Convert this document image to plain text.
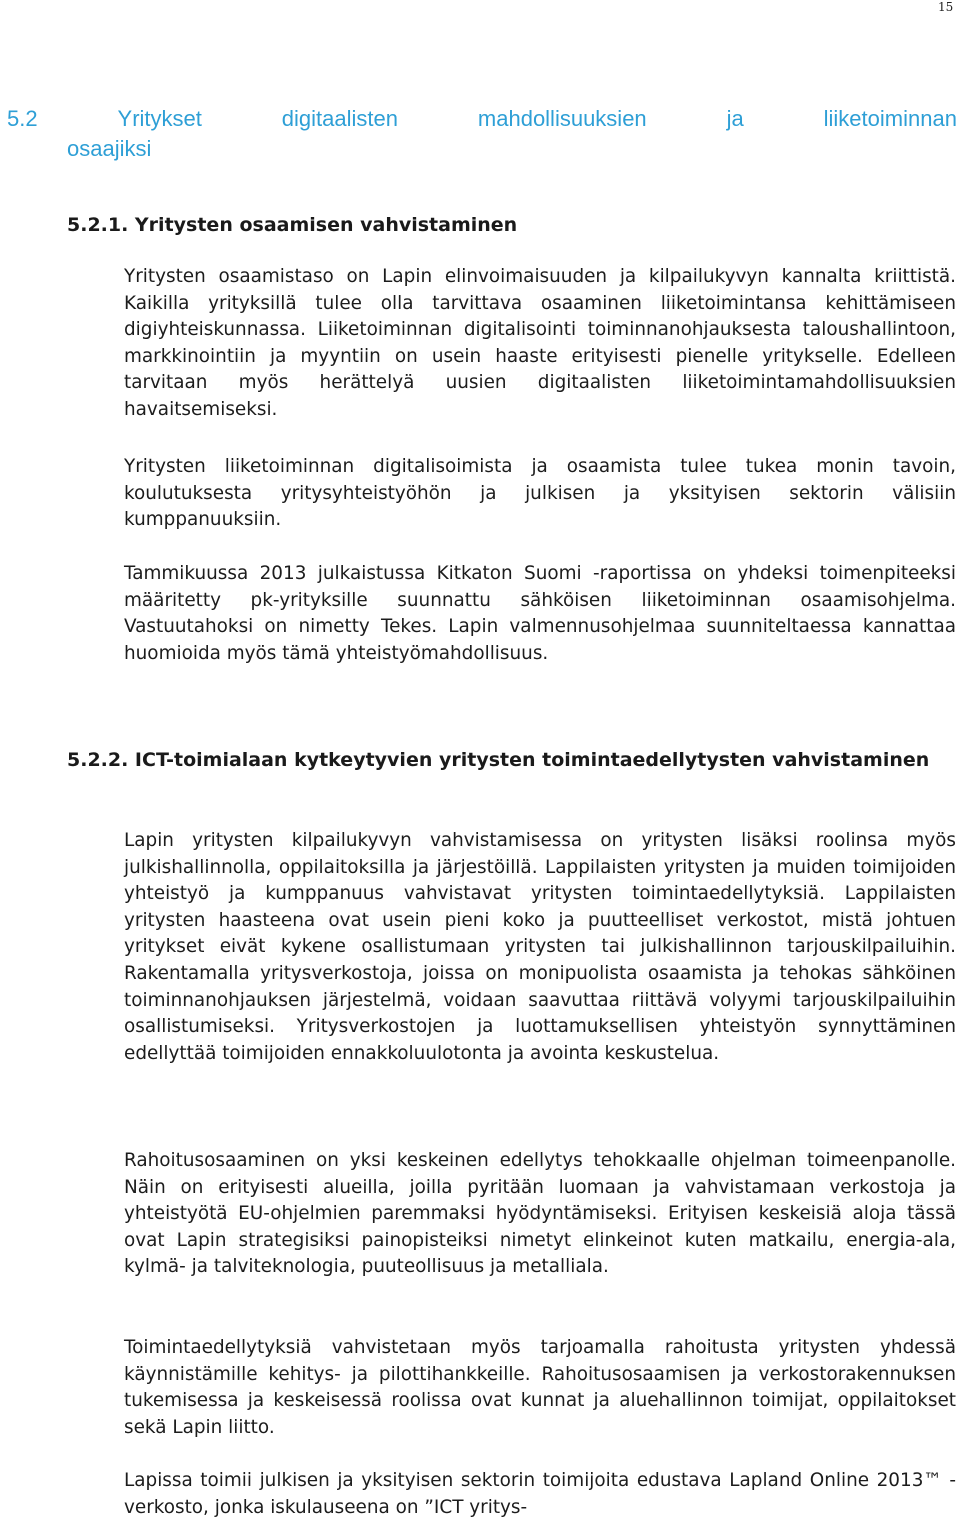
15
5.2	Yritykset	digitaalisten	mahdollisuuksien	ja	liiketoiminnan
osaajiksi
5.2.1. Yritysten osaamisen vahvistaminen

Yritysten osaamistaso on Lapin elinvoimaisuuden ja kilpailukyvyn kannalta kriittistä. Kaikilla yrityksillä tulee olla tarvittava osaaminen liiketoimintansa kehittämiseen digiyhteiskunnassa. Liiketoiminnan digitalisointi toiminnanohjauksesta taloushallintoon, markkinointiin ja myyntiin on usein haaste erityisesti pienelle yritykselle. Edelleen tarvitaan myös herättelyä uusien digitaalisten liiketoimintamahdollisuuksien havaitsemiseksi.

Yritysten liiketoiminnan digitalisoimista ja osaamista tulee tukea monin tavoin, koulutuksesta yritysyhteistyöhön ja julkisen ja yksityisen sektorin välisiin kumppanuuksiin.

Tammikuussa 2013 julkaistussa Kitkaton Suomi -raportissa on yhdeksi toimenpiteeksi määritetty pk-yrityksille suunnattu sähköisen liiketoiminnan osaamisohjelma. Vastuutahoksi on nimetty Tekes. Lapin valmennusohjelmaa suunniteltaessa kannattaa huomioida myös tämä yhteistyömahdollisuus.

5.2.2. ICT-toimialaan kytkeytyvien yritysten toimintaedellytysten vahvistaminen

Lapin yritysten kilpailukyvyn vahvistamisessa on yritysten lisäksi roolinsa myös julkishallinnolla, oppilaitoksilla ja järjestöillä. Lappilaisten yritysten ja muiden toimijoiden yhteistyö ja kumppanuus vahvistavat yritysten toimintaedellytyksiä. Lappilaisten yritysten haasteena ovat usein pieni koko ja puutteelliset verkostot, mistä johtuen yritykset eivät kykene osallistumaan yritysten tai julkishallinnon tarjouskilpailuihin. Rakentamalla yritysverkostoja, joissa on monipuolista osaamista ja tehokas sähköinen toiminnanohjauksen järjestelmä, voidaan saavuttaa riittävä volyymi tarjouskilpailuihin osallistumiseksi. Yritysverkostojen ja luottamuksellisen yhteistyön synnyttäminen edellyttää toimijoiden ennakkoluulotonta ja avointa keskustelua.

Rahoitusosaaminen on yksi keskeinen edellytys tehokkaalle ohjelman toimeenpanolle. Näin on erityisesti alueilla, joilla pyritään luomaan ja vahvistamaan verkostoja ja yhteistyötä EU-ohjelmien paremmaksi hyödyntämiseksi. Erityisen keskeisiä aloja tässä ovat Lapin strategisiksi painopisteiksi nimetyt elinkeinot kuten matkailu, energia-ala, kylmä- ja talviteknologia, puuteollisuus ja metalliala.

Toimintaedellytyksiä vahvistetaan myös tarjoamalla rahoitusta yritysten yhdessä käynnistämille kehitys- ja pilottihankkeille. Rahoitusosaamisen ja verkostorakennuksen tukemisessa ja keskeisessä roolissa ovat kunnat ja aluehallinnon toimijat, oppilaitokset sekä Lapin liitto.

Lapissa toimii julkisen ja yksityisen sektorin toimijoita edustava Lapland Online 2013™ -verkosto, jonka iskulauseena on ”ICT yritys-
